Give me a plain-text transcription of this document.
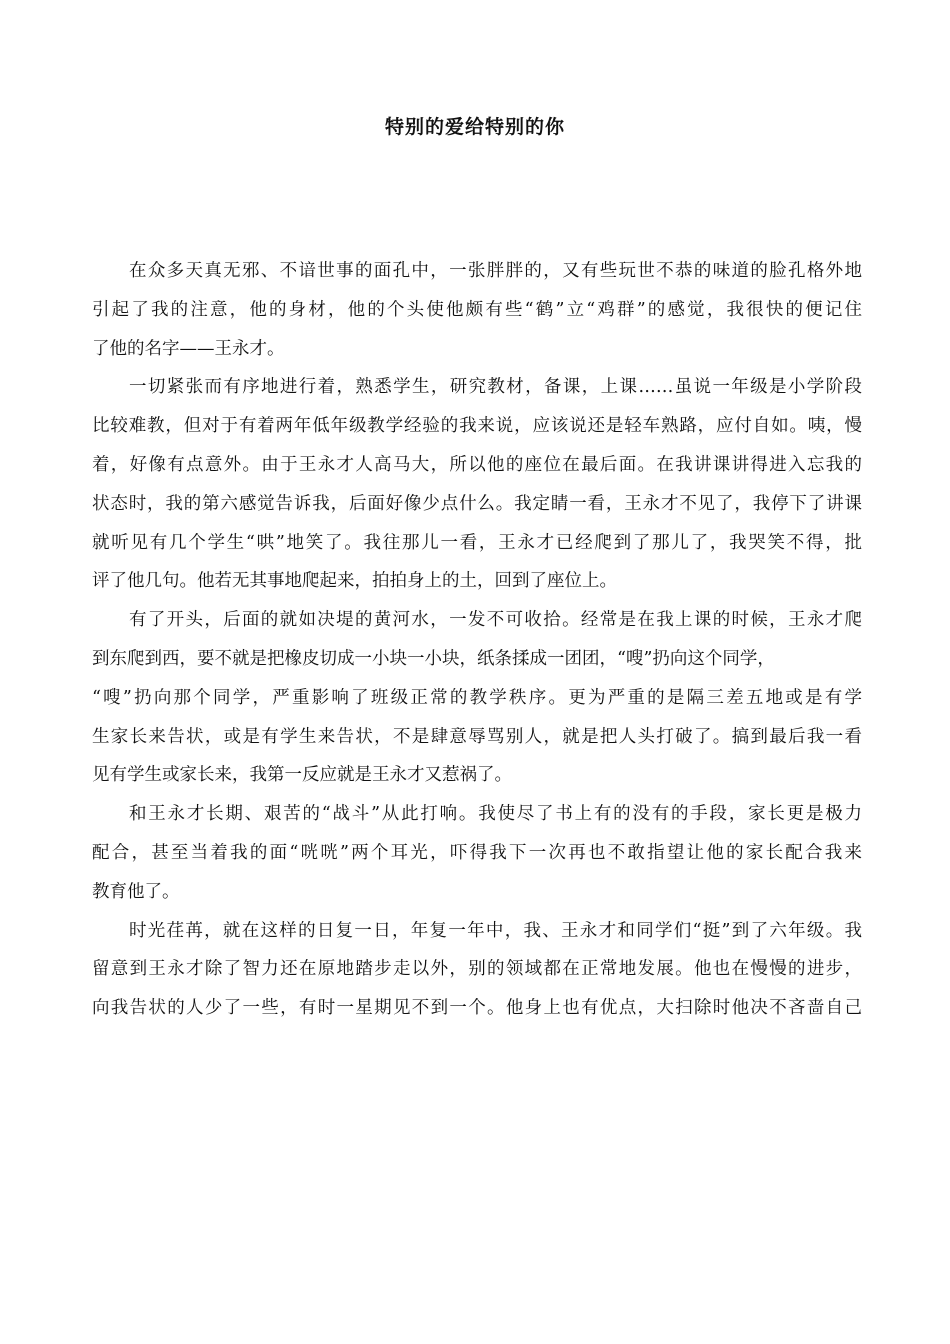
特别的爱给特别的你
在众多天真无邪、不谙世事的面孔中，一张胖胖的，又有些玩世不恭的味道的脸孔格外地
引起了我的注意，他的身材，他的个头使他颇有些“鹤”立“鸡群”的感觉，我很快的便记住
了他的名字——王永才。
一切紧张而有序地进行着，熟悉学生，研究教材，备课，上课……虽说一年级是小学阶段
比较难教，但对于有着两年低年级教学经验的我来说，应该说还是轻车熟路，应付自如。咦，慢
着，好像有点意外。由于王永才人高马大，所以他的座位在最后面。在我讲课讲得进入忘我的
状态时，我的第六感觉告诉我，后面好像少点什么。我定睛一看，王永才不见了，我停下了讲课
就听见有几个学生“哄”地笑了。我往那儿一看，王永才已经爬到了那儿了，我哭笑不得，批
评了他几句。他若无其事地爬起来，拍拍身上的土，回到了座位上。
有了开头，后面的就如决堤的黄河水，一发不可收拾。经常是在我上课的时候，王永才爬
到东爬到西，要不就是把橡皮切成一小块一小块，纸条揉成一团团，“嗖”扔向这个同学，
“嗖”扔向那个同学，严重影响了班级正常的教学秩序。更为严重的是隔三差五地或是有学
生家长来告状，或是有学生来告状，不是肆意辱骂别人，就是把人头打破了。搞到最后我一看
见有学生或家长来，我第一反应就是王永才又惹祸了。
和王永才长期、艰苦的“战斗”从此打响。我使尽了书上有的没有的手段，家长更是极力
配合，甚至当着我的面“咣咣”两个耳光，吓得我下一次再也不敢指望让他的家长配合我来
教育他了。
时光荏苒，就在这样的日复一日，年复一年中，我、王永才和同学们“挺”到了六年级。我
留意到王永才除了智力还在原地踏步走以外，别的领域都在正常地发展。他也在慢慢的进步，
向我告状的人少了一些，有时一星期见不到一个。他身上也有优点，大扫除时他决不吝啬自己
